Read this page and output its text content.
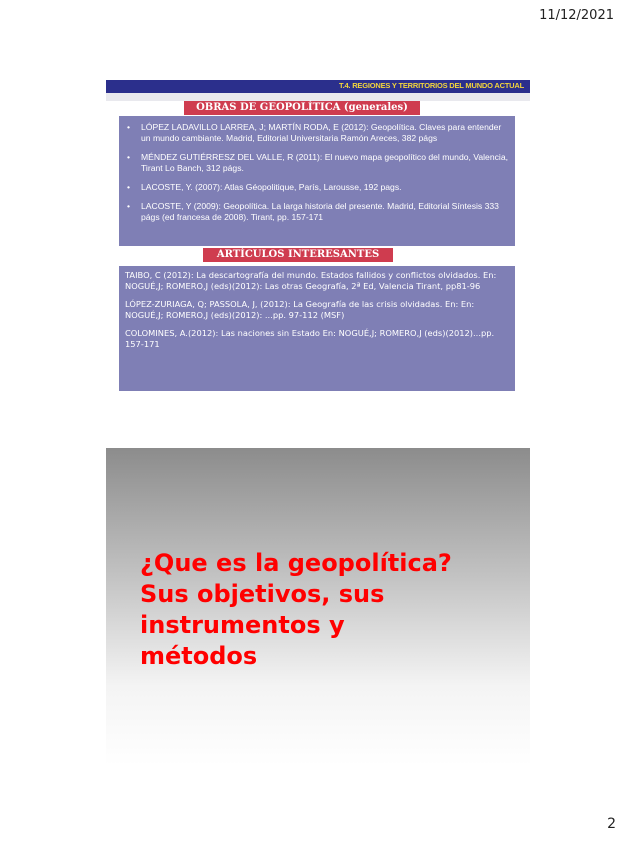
11/12/2021
T.4. REGIONES Y TERRITORIOS DEL MUNDO ACTUAL
OBRAS DE GEOPOLÍTICA (generales)
• LÓPEZ LADAVILLO LARREA, J; MARTÍN RODA, E (2012): Geopolítica. Claves para entender un mundo cambiante. Madrid, Editorial Universitaria Ramón Areces, 382 págs
• MÉNDEZ GUTIÉRRESZ DEL VALLE, R (2011): El nuevo mapa geopolítico del mundo, Valencia, Tirant Lo Banch, 312 págs.
• LACOSTE, Y. (2007): Atlas Géopolitique, París, Larousse, 192 pags.
• LACOSTE, Y (2009): Geopolítica. La larga historia del presente. Madrid, Editorial Síntesis 333 págs (ed francesa de 2008). Tirant, pp. 157-171
ARTÍCULOS INTERESANTES

TAIBO, C (2012): La descartografía del mundo. Estados fallidos y conflictos olvidados. En: NOGUÉ,J; ROMERO,J (eds)(2012): Las otras Geografía, 2ª Ed, Valencia Tirant, pp81-96

LÓPEZ-ZURIAGA, Q; PASSOLA, J, (2012): La Geografía de las crisis olvidadas. En: En: NOGUÉ,J; ROMERO,J (eds)(2012): ...pp. 97-112 (MSF)

COLOMINES, A.(2012): Las naciones sin Estado En: NOGUÉ,J; ROMERO,J (eds)(2012)...pp. 157-171

¿Que es la geopolítica?
Sus objetivos, sus
instrumentos y
métodos
2
